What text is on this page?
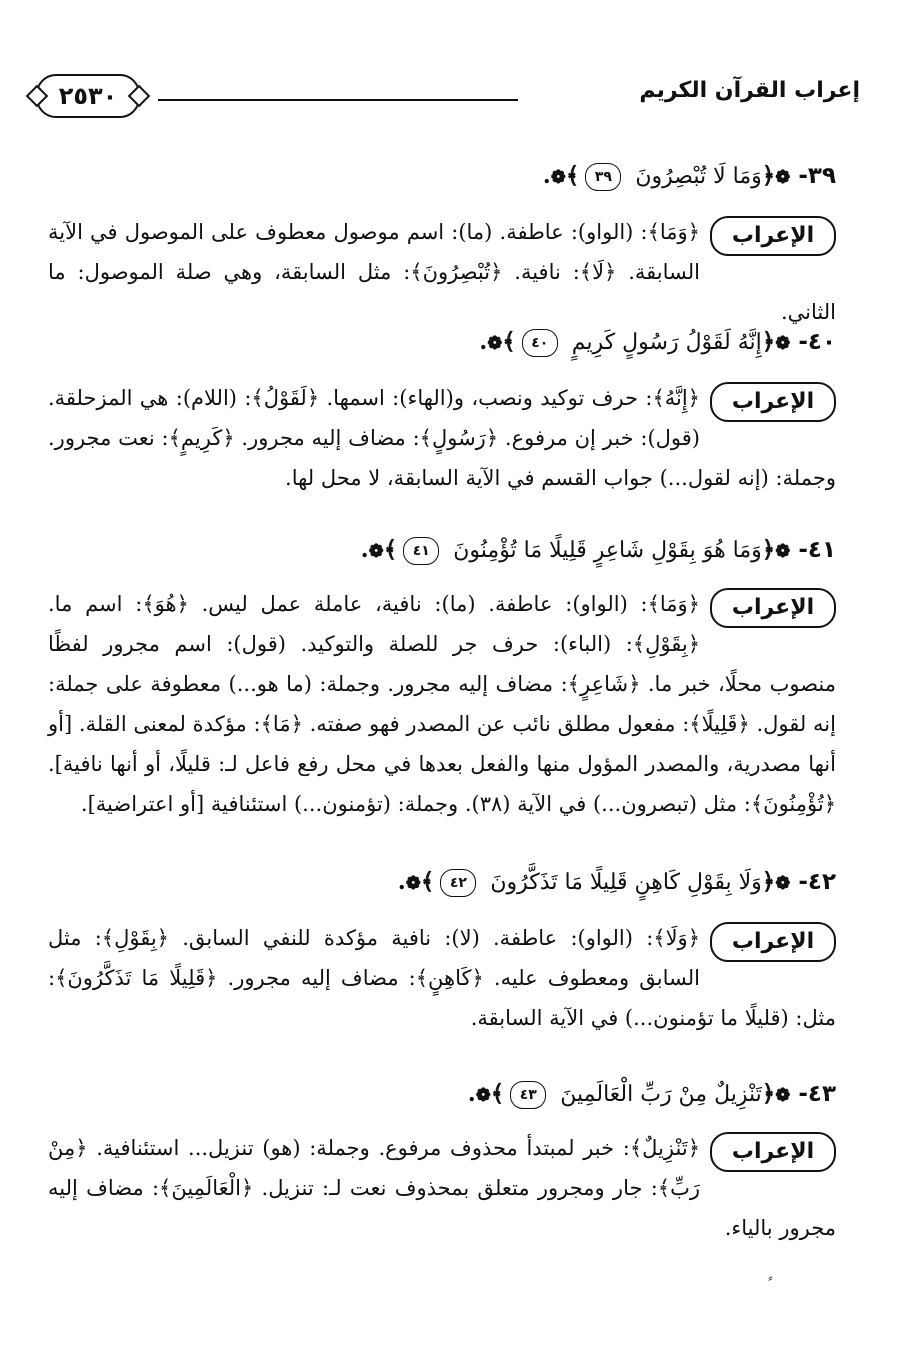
٢٥٣٠	إعراب القرآن الكريم
٣٩- ❁﴿وَمَا لَا تُبْصِرُونَ ٣٩﴾❁.
الإعراب
﴿وَمَا﴾: (الواو): عاطفة. (ما): اسم موصول معطوف على الموصول في الآية السابقة. ﴿لَا﴾: نافية. ﴿تُبْصِرُونَ﴾: مثل السابقة، وهي صلة الموصول: ما الثاني.
٤٠- ❁﴿إِنَّهُ لَقَوْلُ رَسُولٍ كَرِيمٍ ٤٠﴾❁.
الإعراب
﴿إِنَّهُ﴾: حرف توكيد ونصب، و(الهاء): اسمها. ﴿لَقَوْلُ﴾: (اللام): هي المزحلقة. (قول): خبر إن مرفوع. ﴿رَسُولٍ﴾: مضاف إليه مجرور. ﴿كَرِيمٍ﴾: نعت مجرور. وجملة: (إنه لقول...) جواب القسم في الآية السابقة، لا محل لها.
٤١- ❁﴿وَمَا هُوَ بِقَوْلِ شَاعِرٍ قَلِيلًا مَا تُؤْمِنُونَ ٤١﴾❁.
الإعراب
﴿وَمَا﴾: (الواو): عاطفة. (ما): نافية، عاملة عمل ليس. ﴿هُوَ﴾: اسم ما. ﴿بِقَوْلِ﴾: (الباء): حرف جر للصلة والتوكيد. (قول): اسم مجرور لفظًا منصوب محلًا، خبر ما. ﴿شَاعِرٍ﴾: مضاف إليه مجرور. وجملة: (ما هو...) معطوفة على جملة: إنه لقول. ﴿قَلِيلًا﴾: مفعول مطلق نائب عن المصدر فهو صفته. ﴿مَا﴾: مؤكدة لمعنى القلة. [أو أنها مصدرية، والمصدر المؤول منها والفعل بعدها في محل رفع فاعل لـ: قليلًا، أو أنها نافية]. ﴿تُؤْمِنُونَ﴾: مثل (تبصرون...) في الآية (٣٨). وجملة: (تؤمنون...) استئنافية [أو اعتراضية].
٤٢- ❁﴿وَلَا بِقَوْلِ كَاهِنٍ قَلِيلًا مَا تَذَكَّرُونَ ٤٢﴾❁.
الإعراب
﴿وَلَا﴾: (الواو): عاطفة. (لا): نافية مؤكدة للنفي السابق. ﴿بِقَوْلِ﴾: مثل السابق ومعطوف عليه. ﴿كَاهِنٍ﴾: مضاف إليه مجرور. ﴿قَلِيلًا مَا تَذَكَّرُونَ﴾: مثل: (قليلًا ما تؤمنون...) في الآية السابقة.
٤٣- ❁﴿تَنْزِيلٌ مِنْ رَبِّ الْعَالَمِينَ ٤٣﴾❁.
الإعراب
﴿تَنْزِيلٌ﴾: خبر لمبتدأ محذوف مرفوع. وجملة: (هو) تنزيل... استئنافية. ﴿مِنْ رَبِّ﴾: جار ومجرور متعلق بمحذوف نعت لـ: تنزيل. ﴿الْعَالَمِينَ﴾: مضاف إليه مجرور بالياء.
⸗
